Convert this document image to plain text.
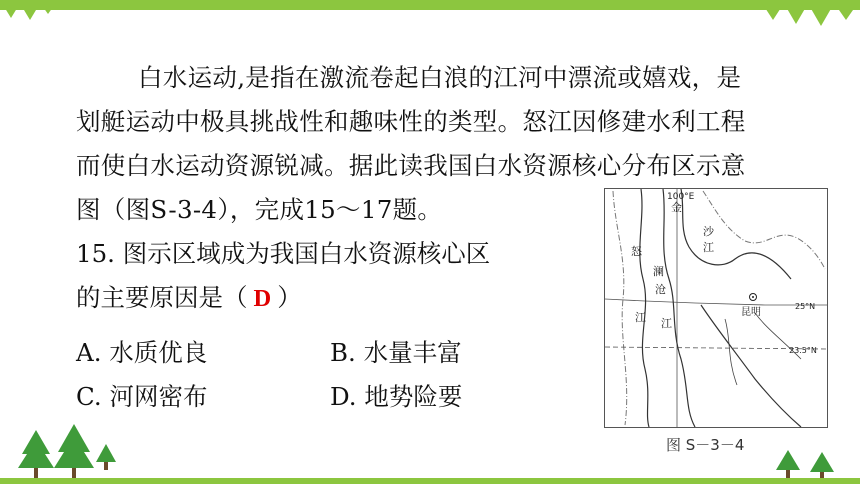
白水运动,是指在激流卷起白浪的江河中漂流或嬉戏，是
划艇运动中极具挑战性和趣味性的类型。怒江因修建水利工程
而使白水运动资源锐减。据此读我国白水资源核心分布区示意
图（图S-3-4），完成15～17题。
15. 图示区域成为我国白水资源核心区
的主要原因是（ D ）
A. 水质优良	B. 水量丰富
C. 河网密布	D. 地势险要
100°E
金
沙
江
怒
澜
沧
江
江	昆明
25°N
23.5°N
图 S－3－4
